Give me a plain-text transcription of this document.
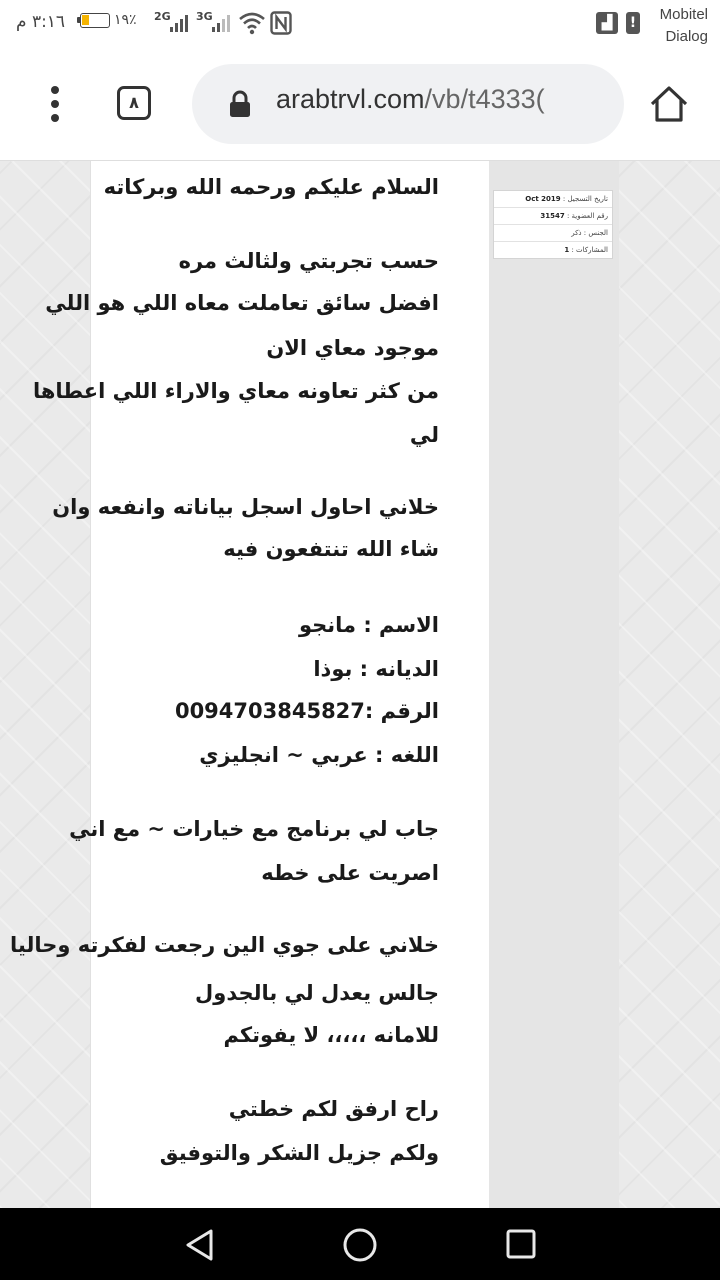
٣:١٦ م	١٩٪ 2G 3G	▟	! Mobitel
Dialog
٨	arabtrvl.com/vb/t4333(
السلام عليكم ورحمه الله وبركاته
حسب تجربتي ولثالث مره
افضل سائق تعاملت معاه اللي هو اللي
موجود معاي الان
من كثر تعاونه معاي والاراء اللي اعطاها
لي
خلاني احاول اسجل بياناته وانفعه وان
شاء الله تنتفعون فيه
الاسم : مانجو
الديانه : بوذا
الرقم :0094703845827
اللغه : عربي ~ انجليزي
جاب لي برنامج مع خيارات ~ مع اني
اصريت على خطه
خلاني على جوي الين رجعت لفكرته وحاليا
جالس يعدل لي بالجدول
للامانه ،،،،، لا يفوتكم
راح ارفق لكم خطتي
ولكم جزيل الشكر والتوفيق
تاريخ التسجيل : Oct 2019
رقم العضوية : 31547
الجنس : ذكر
المشاركات : 1
